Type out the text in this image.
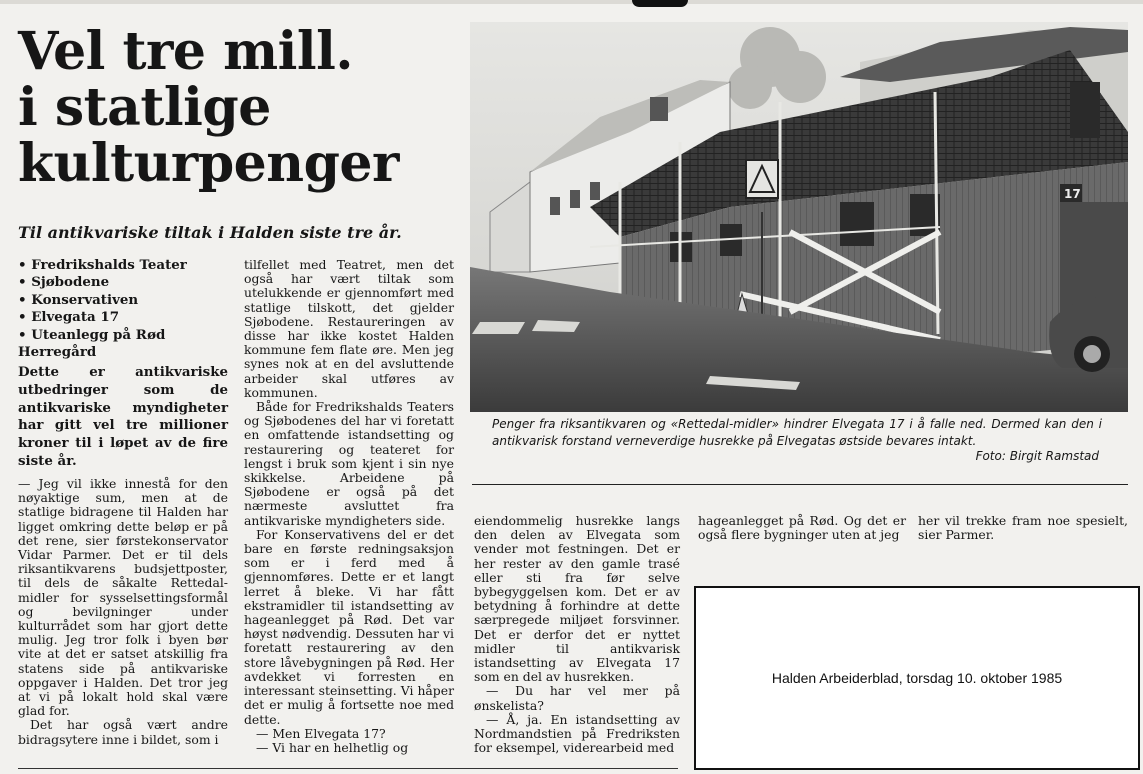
Vel tre mill.
i statlige
kulturpenger

Til antikvariske tiltak i Halden siste tre år.

• Fredrikshalds Teater
• Sjøbodene
• Konservativen
• Elvegata 17
• Uteanlegg på Rød Herregård

Dette er antikvariske utbedringer som de antikvariske myndigheter har gitt vel tre millioner kroner til i løpet av de fire siste år.

— Jeg vil ikke innestå for den nøyaktige sum, men at de statlige bidragene til Halden har ligget omkring dette beløp er på det rene, sier førstekonservator Vidar Parmer. Det er til dels riksantikvarens budsjettposter, til dels de såkalte Rettedal-midler for sysselsettingsformål og bevilgninger under kulturrådet som har gjort dette mulig. Jeg tror folk i byen bør vite at det er satset atskillig fra statens side på antikvariske oppgaver i Halden. Det tror jeg at vi på lokalt hold skal være glad for.

Det har også vært andre bidragsytere inne i bildet, som i

tilfellet med Teatret, men det også har vært tiltak som utelukkende er gjennomført med statlige tilskott, det gjelder Sjøbodene. Restaureringen av disse har ikke kostet Halden kommune fem flate øre. Men jeg synes nok at en del avsluttende arbeider skal utføres av kommunen.

Både for Fredrikshalds Teaters og Sjøbodenes del har vi foretatt en omfattende istandsetting og restaurering og teateret for lengst i bruk som kjent i sin nye skikkelse. Arbeidene på Sjøbodene er også på det nærmeste avsluttet fra antikvariske myndigheters side.

For Konservativens del er det bare en første redningsaksjon som er i ferd med å gjennomføres. Dette er et langt lerret å bleke. Vi har fått ekstramidler til istandsetting av hageanlegget på Rød. Det var høyst nødvendig. Dessuten har vi foretatt restaurering av den store låvebygningen på Rød. Her avdekket vi forresten en interessant steinsetting. Vi håper det er mulig å fortsette noe med dette.

— Men Elvegata 17?

— Vi har en helhetlig og

17

Penger fra riksantikvaren og «Rettedal-midler» hindrer Elvegata 17 i å falle ned. Dermed kan den i antikvarisk forstand verneverdige husrekke på Elvegatas østside bevares intakt.

Foto: Birgit Ramstad

eiendommelig husrekke langs den delen av Elvegata som vender mot festningen. Det er her rester av den gamle trasé eller sti fra før selve bybegyggelsen kom. Det er av betydning å forhindre at dette særpregede miljøet forsvinner. Det er derfor det er nyttet midler til antikvarisk istandsetting av Elvegata 17 som en del av husrekken.

— Du har vel mer på ønskelista?

— Å, ja. En istandsetting av Nordmandstien på Fredriksten for eksempel, viderearbeid med

hageanlegget på Rød. Og det er også flere bygninger uten at jeg

her vil trekke fram noe spesielt, sier Parmer.

Halden Arbeiderblad, torsdag 10. oktober 1985
